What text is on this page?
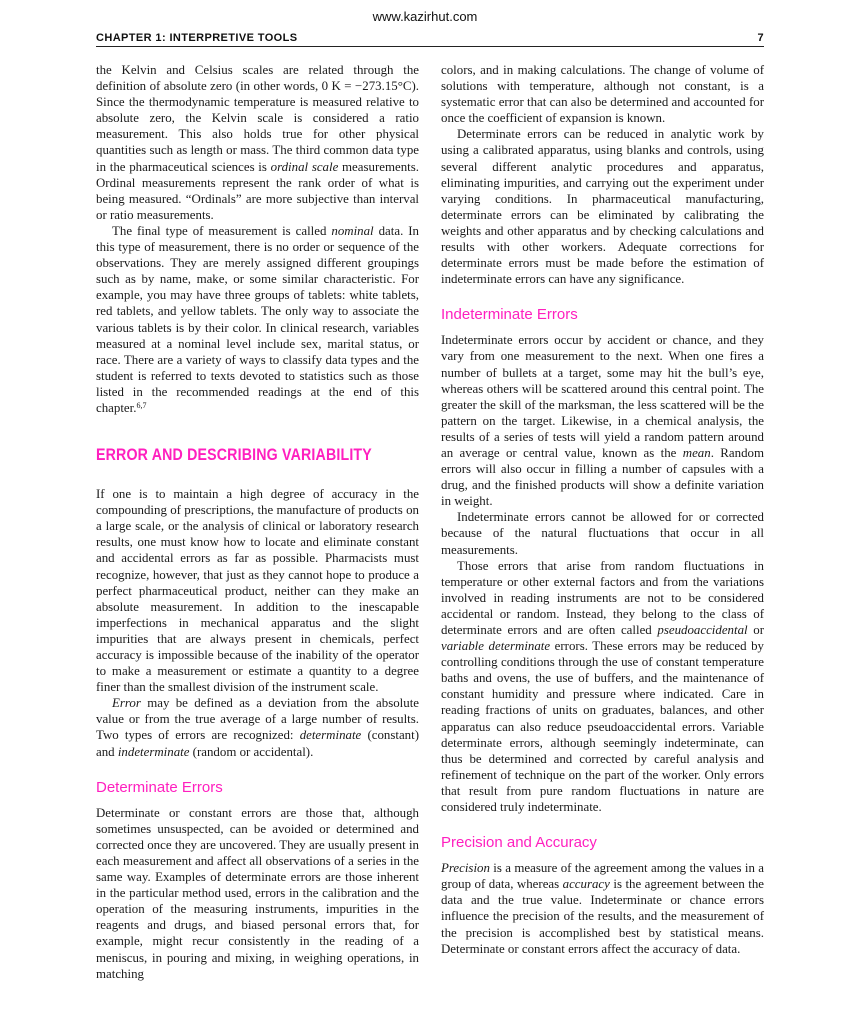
www.kazirhut.com
CHAPTER 1: INTERPRETIVE TOOLS	7

the Kelvin and Celsius scales are related through the definition of absolute zero (in other words, 0 K = −273.15°C). Since the thermodynamic temperature is measured relative to absolute zero, the Kelvin scale is considered a ratio measurement. This also holds true for other physical quantities such as length or mass. The third common data type in the pharmaceutical sciences is ordinal scale measurements. Ordinal measurements represent the rank order of what is being measured. “Ordinals” are more subjective than interval or ratio measurements.

The final type of measurement is called nominal data. In this type of measurement, there is no order or sequence of the observations. They are merely assigned different groupings such as by name, make, or some similar characteristic. For example, you may have three groups of tablets: white tablets, red tablets, and yellow tablets. The only way to associate the various tablets is by their color. In clinical research, variables measured at a nominal level include sex, marital status, or race. There are a variety of ways to classify data types and the student is referred to texts devoted to statistics such as those listed in the recommended readings at the end of this chapter.$^{6,7}$

ERROR AND DESCRIBING VARIABILITY

If one is to maintain a high degree of accuracy in the compounding of prescriptions, the manufacture of products on a large scale, or the analysis of clinical or laboratory research results, one must know how to locate and eliminate constant and accidental errors as far as possible. Pharmacists must recognize, however, that just as they cannot hope to produce a perfect pharmaceutical product, neither can they make an absolute measurement. In addition to the inescapable imperfections in mechanical apparatus and the slight impurities that are always present in chemicals, perfect accuracy is impossible because of the inability of the operator to make a measurement or estimate a quantity to a degree finer than the smallest division of the instrument scale.

Error may be defined as a deviation from the absolute value or from the true average of a large number of results. Two types of errors are recognized: determinate (constant) and indeterminate (random or accidental).

Determinate Errors

Determinate or constant errors are those that, although sometimes unsuspected, can be avoided or determined and corrected once they are uncovered. They are usually present in each measurement and affect all observations of a series in the same way. Examples of determinate errors are those inherent in the particular method used, errors in the calibration and the operation of the measuring instruments, impurities in the reagents and drugs, and biased personal errors that, for example, might recur consistently in the reading of a meniscus, in pouring and mixing, in weighing operations, in matching

colors, and in making calculations. The change of volume of solutions with temperature, although not constant, is a systematic error that can also be determined and accounted for once the coefficient of expansion is known.

Determinate errors can be reduced in analytic work by using a calibrated apparatus, using blanks and controls, using several different analytic procedures and apparatus, eliminating impurities, and carrying out the experiment under varying conditions. In pharmaceutical manufacturing, determinate errors can be eliminated by calibrating the weights and other apparatus and by checking calculations and results with other workers. Adequate corrections for determinate errors must be made before the estimation of indeterminate errors can have any significance.

Indeterminate Errors

Indeterminate errors occur by accident or chance, and they vary from one measurement to the next. When one fires a number of bullets at a target, some may hit the bull’s eye, whereas others will be scattered around this central point. The greater the skill of the marksman, the less scattered will be the pattern on the target. Likewise, in a chemical analysis, the results of a series of tests will yield a random pattern around an average or central value, known as the mean. Random errors will also occur in filling a number of capsules with a drug, and the finished products will show a definite variation in weight.

Indeterminate errors cannot be allowed for or corrected because of the natural fluctuations that occur in all measurements.

Those errors that arise from random fluctuations in temperature or other external factors and from the variations involved in reading instruments are not to be considered accidental or random. Instead, they belong to the class of determinate errors and are often called pseudoaccidental or variable determinate errors. These errors may be reduced by controlling conditions through the use of constant temperature baths and ovens, the use of buffers, and the maintenance of constant humidity and pressure where indicated. Care in reading fractions of units on graduates, balances, and other apparatus can also reduce pseudoaccidental errors. Variable determinate errors, although seemingly indeterminate, can thus be determined and corrected by careful analysis and refinement of technique on the part of the worker. Only errors that result from pure random fluctuations in nature are considered truly indeterminate.

Precision and Accuracy

Precision is a measure of the agreement among the values in a group of data, whereas accuracy is the agreement between the data and the true value. Indeterminate or chance errors influence the precision of the results, and the measurement of the precision is accomplished best by statistical means. Determinate or constant errors affect the accuracy of data.
